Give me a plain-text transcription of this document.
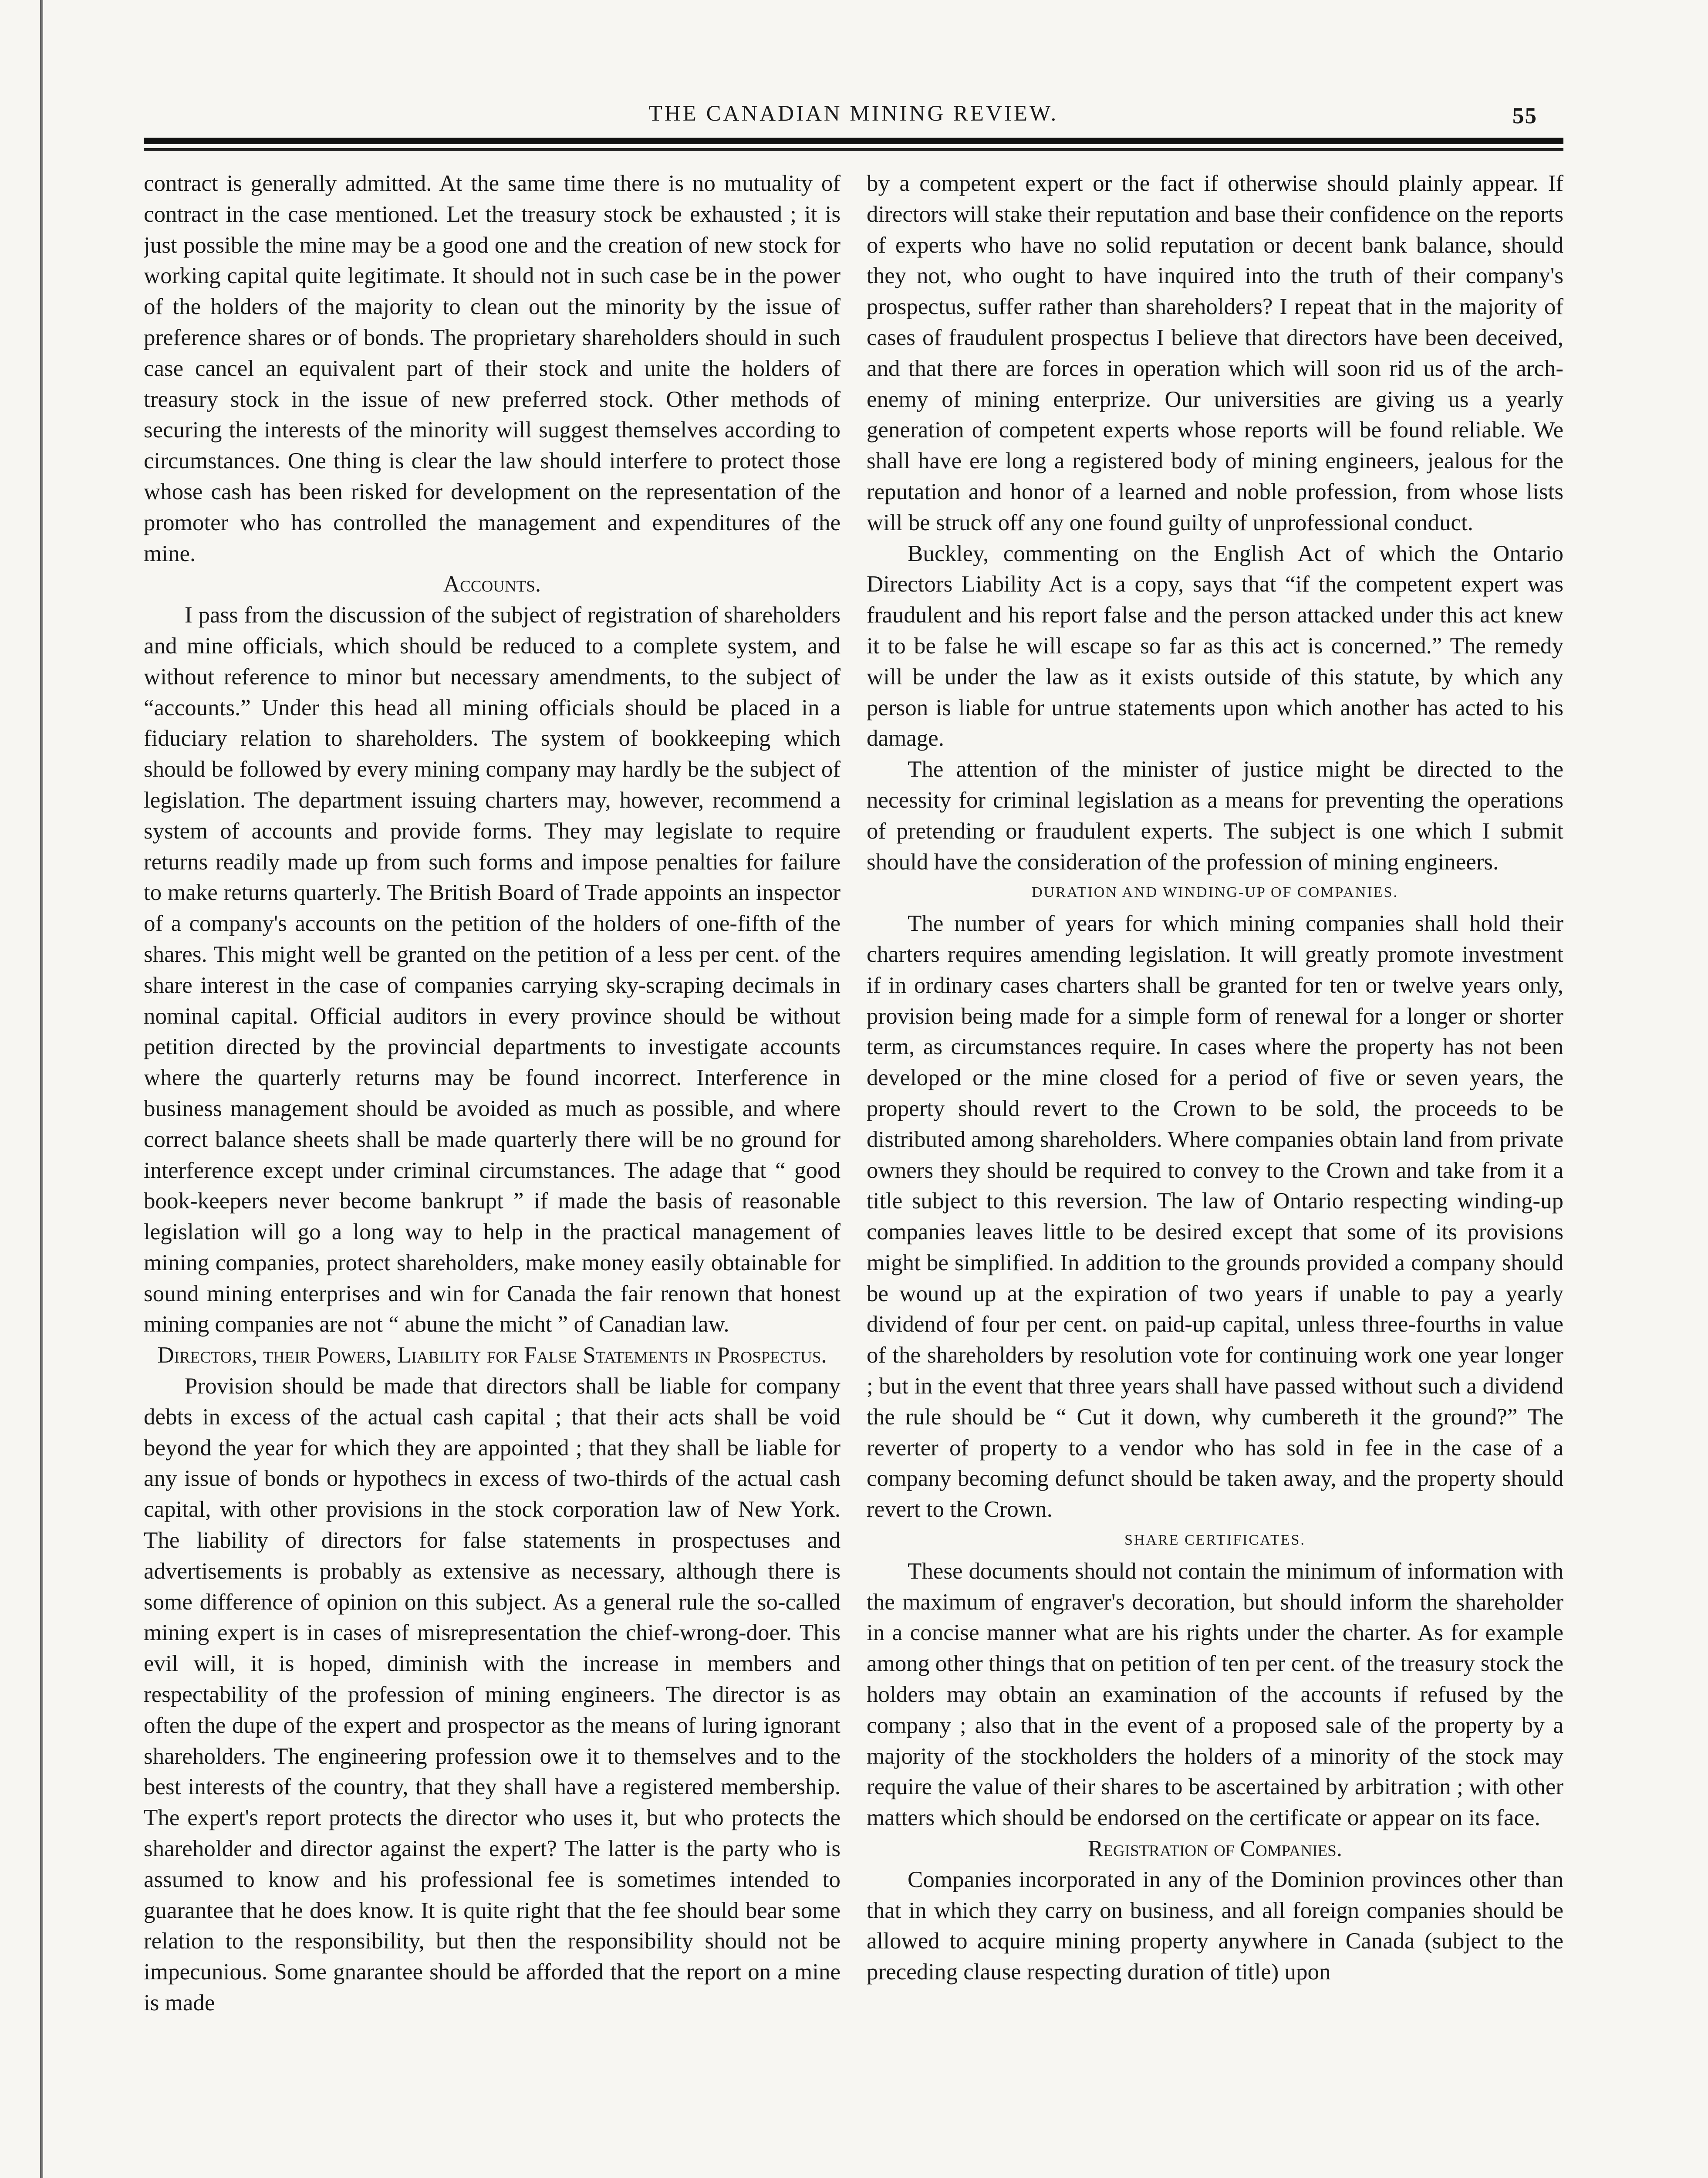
THE CANADIAN MINING REVIEW.	55

contract is generally admitted. At the same time there is no mutuality of contract in the case mentioned. Let the treasury stock be exhausted ; it is just possible the mine may be a good one and the creation of new stock for working capital quite legitimate. It should not in such case be in the power of the holders of the majority to clean out the minority by the issue of preference shares or of bonds. The proprietary shareholders should in such case cancel an equivalent part of their stock and unite the holders of treasury stock in the issue of new preferred stock. Other methods of securing the interests of the minority will suggest themselves according to circumstances. One thing is clear the law should interfere to protect those whose cash has been risked for development on the representation of the promoter who has controlled the management and expenditures of the mine.

Accounts.

I pass from the discussion of the subject of registration of shareholders and mine officials, which should be reduced to a complete system, and without reference to minor but necessary amendments, to the subject of “accounts.” Under this head all mining officials should be placed in a fiduciary relation to shareholders. The system of bookkeeping which should be followed by every mining company may hardly be the subject of legislation. The department issuing charters may, however, recommend a system of accounts and provide forms. They may legislate to require returns readily made up from such forms and impose penalties for failure to make returns quarterly. The British Board of Trade appoints an inspector of a company's accounts on the petition of the holders of one-fifth of the shares. This might well be granted on the petition of a less per cent. of the share interest in the case of companies carrying sky-scraping decimals in nominal capital. Official auditors in every province should be without petition directed by the provincial departments to investigate accounts where the quarterly returns may be found incorrect. Interference in business management should be avoided as much as possible, and where correct balance sheets shall be made quarterly there will be no ground for interference except under criminal circumstances. The adage that “ good book-keepers never become bankrupt ” if made the basis of reasonable legislation will go a long way to help in the practical management of mining companies, protect shareholders, make money easily obtainable for sound mining enterprises and win for Canada the fair renown that honest mining companies are not “ abune the micht ” of Canadian law.

Directors, their Powers, Liability for False Statements in Prospectus.

Provision should be made that directors shall be liable for company debts in excess of the actual cash capital ; that their acts shall be void beyond the year for which they are appointed ; that they shall be liable for any issue of bonds or hypothecs in excess of two-thirds of the actual cash capital, with other provisions in the stock corporation law of New York. The liability of directors for false statements in prospectuses and advertisements is probably as extensive as necessary, although there is some difference of opinion on this subject. As a general rule the so-called mining expert is in cases of misrepresentation the chief-wrong-doer. This evil will, it is hoped, diminish with the increase in members and respectability of the profession of mining engineers. The director is as often the dupe of the expert and prospector as the means of luring ignorant shareholders. The engineering profession owe it to themselves and to the best interests of the country, that they shall have a registered membership. The expert's report protects the director who uses it, but who protects the shareholder and director against the expert? The latter is the party who is assumed to know and his professional fee is sometimes intended to guarantee that he does know. It is quite right that the fee should bear some relation to the responsibility, but then the responsibility should not be impecunious. Some gnarantee should be afforded that the report on a mine is made

by a competent expert or the fact if otherwise should plainly appear. If directors will stake their reputation and base their confidence on the reports of experts who have no solid reputation or decent bank balance, should they not, who ought to have inquired into the truth of their company's prospectus, suffer rather than shareholders? I repeat that in the majority of cases of fraudulent prospectus I believe that directors have been deceived, and that there are forces in operation which will soon rid us of the arch-enemy of mining enterprize. Our universities are giving us a yearly generation of competent experts whose reports will be found reliable. We shall have ere long a registered body of mining engineers, jealous for the reputation and honor of a learned and noble profession, from whose lists will be struck off any one found guilty of unprofessional conduct.

Buckley, commenting on the English Act of which the Ontario Directors Liability Act is a copy, says that “if the competent expert was fraudulent and his report false and the person attacked under this act knew it to be false he will escape so far as this act is concerned.” The remedy will be under the law as it exists outside of this statute, by which any person is liable for untrue statements upon which another has acted to his damage.

The attention of the minister of justice might be directed to the necessity for criminal legislation as a means for preventing the operations of pretending or fraudulent experts. The subject is one which I submit should have the consideration of the profession of mining engineers.

DURATION AND WINDING-UP OF COMPANIES.

The number of years for which mining companies shall hold their charters requires amending legislation. It will greatly promote investment if in ordinary cases charters shall be granted for ten or twelve years only, provision being made for a simple form of renewal for a longer or shorter term, as circumstances require. In cases where the property has not been developed or the mine closed for a period of five or seven years, the property should revert to the Crown to be sold, the proceeds to be distributed among shareholders. Where companies obtain land from private owners they should be required to convey to the Crown and take from it a title subject to this reversion. The law of Ontario respecting winding-up companies leaves little to be desired except that some of its provisions might be simplified. In addition to the grounds provided a company should be wound up at the expiration of two years if unable to pay a yearly dividend of four per cent. on paid-up capital, unless three-fourths in value of the shareholders by resolution vote for continuing work one year longer ; but in the event that three years shall have passed without such a dividend the rule should be “ Cut it down, why cumbereth it the ground?” The reverter of property to a vendor who has sold in fee in the case of a company becoming defunct should be taken away, and the property should revert to the Crown.

SHARE CERTIFICATES.

These documents should not contain the minimum of information with the maximum of engraver's decoration, but should inform the shareholder in a concise manner what are his rights under the charter. As for example among other things that on petition of ten per cent. of the treasury stock the holders may obtain an examination of the accounts if refused by the company ; also that in the event of a proposed sale of the property by a majority of the stockholders the holders of a minority of the stock may require the value of their shares to be ascertained by arbitration ; with other matters which should be endorsed on the certificate or appear on its face.

Registration of Companies.

Companies incorporated in any of the Dominion provinces other than that in which they carry on business, and all foreign companies should be allowed to acquire mining property anywhere in Canada (subject to the preceding clause respecting duration of title) upon
